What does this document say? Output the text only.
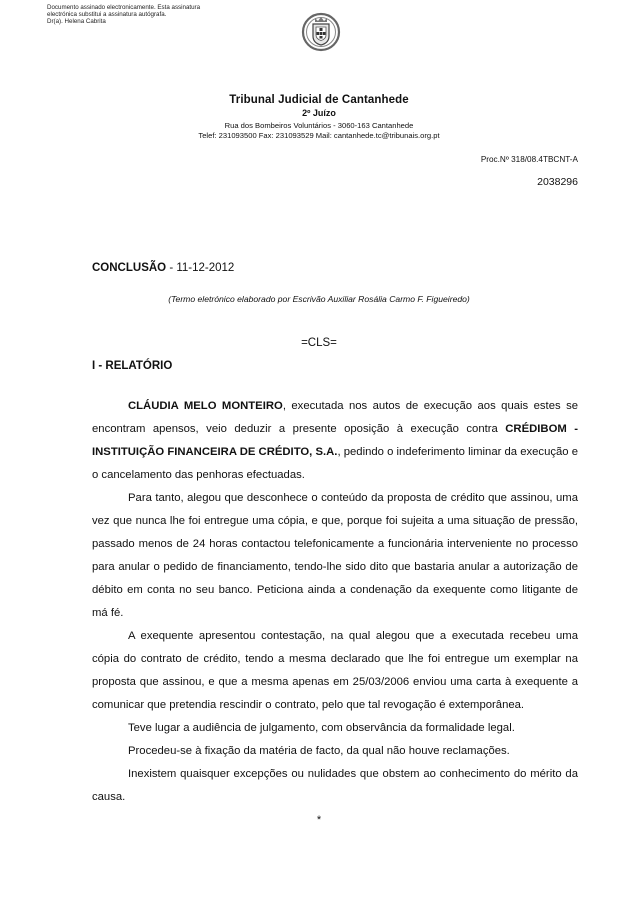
Documento assinado electronicamente. Esta assinatura
electrónica substitui a assinatura autógrafa.
Dr(a). Helena Cabrita
Tribunal Judicial de Cantanhede
2º Juízo
Rua dos Bombeiros Voluntários - 3060-163 Cantanhede
Telef: 231093500 Fax: 231093529 Mail: cantanhede.tc@tribunais.org.pt
Proc.Nº 318/08.4TBCNT-A
2038296
CONCLUSÃO - 11-12-2012
(Termo eletrónico elaborado por Escrivão Auxiliar Rosália Carmo F. Figueiredo)
=CLS=
I - RELATÓRIO

CLÁUDIA MELO MONTEIRO, executada nos autos de execução aos quais estes se encontram apensos, veio deduzir a presente oposição à execução contra CRÉDIBOM - INSTITUIÇÃO FINANCEIRA DE CRÉDITO, S.A., pedindo o indeferimento liminar da execução e o cancelamento das penhoras efectuadas.

Para tanto, alegou que desconhece o conteúdo da proposta de crédito que assinou, uma vez que nunca lhe foi entregue uma cópia, e que, porque foi sujeita a uma situação de pressão, passado menos de 24 horas contactou telefonicamente a funcionária interveniente no processo para anular o pedido de financiamento, tendo-lhe sido dito que bastaria anular a autorização de débito em conta no seu banco. Peticiona ainda a condenação da exequente como litigante de má fé.

A exequente apresentou contestação, na qual alegou que a executada recebeu uma cópia do contrato de crédito, tendo a mesma declarado que lhe foi entregue um exemplar na proposta que assinou, e que a mesma apenas em 25/03/2006 enviou uma carta à exequente a comunicar que pretendia rescindir o contrato, pelo que tal revogação é extemporânea.

Teve lugar a audiência de julgamento, com observância da formalidade legal.

Procedeu-se à fixação da matéria de facto, da qual não houve reclamações.

Inexistem quaisquer excepções ou nulidades que obstem ao conhecimento do mérito da causa.

*
